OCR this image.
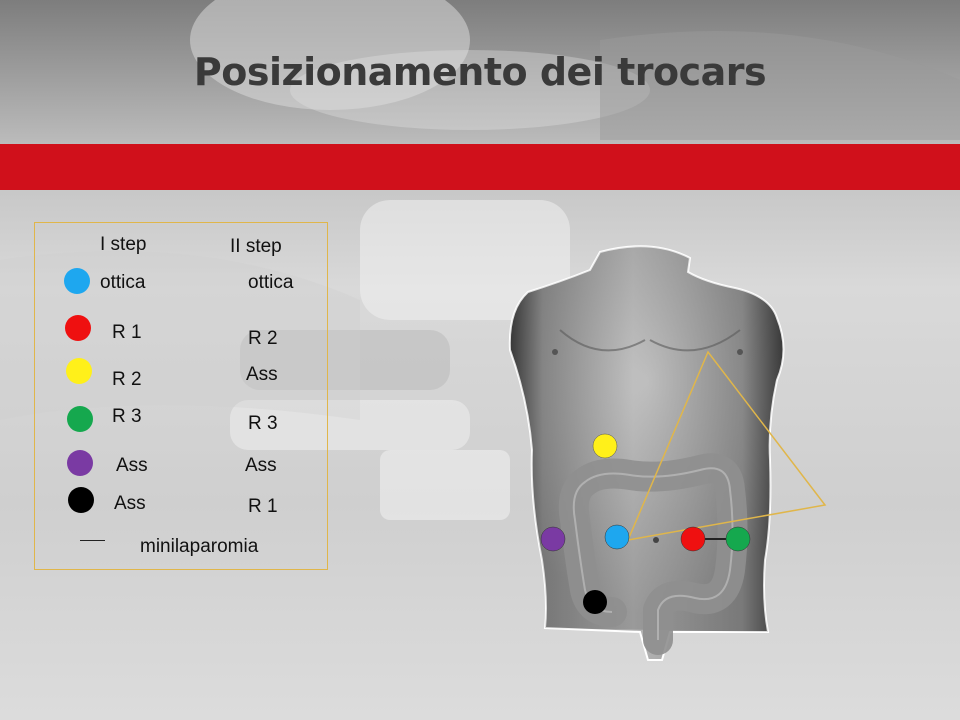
Posizionamento dei trocars
I step	II step
ottica	ottica
R 1	R 2
R 2	Ass
R 3	R 3
Ass	Ass
Ass	R 1
minilaparomia
